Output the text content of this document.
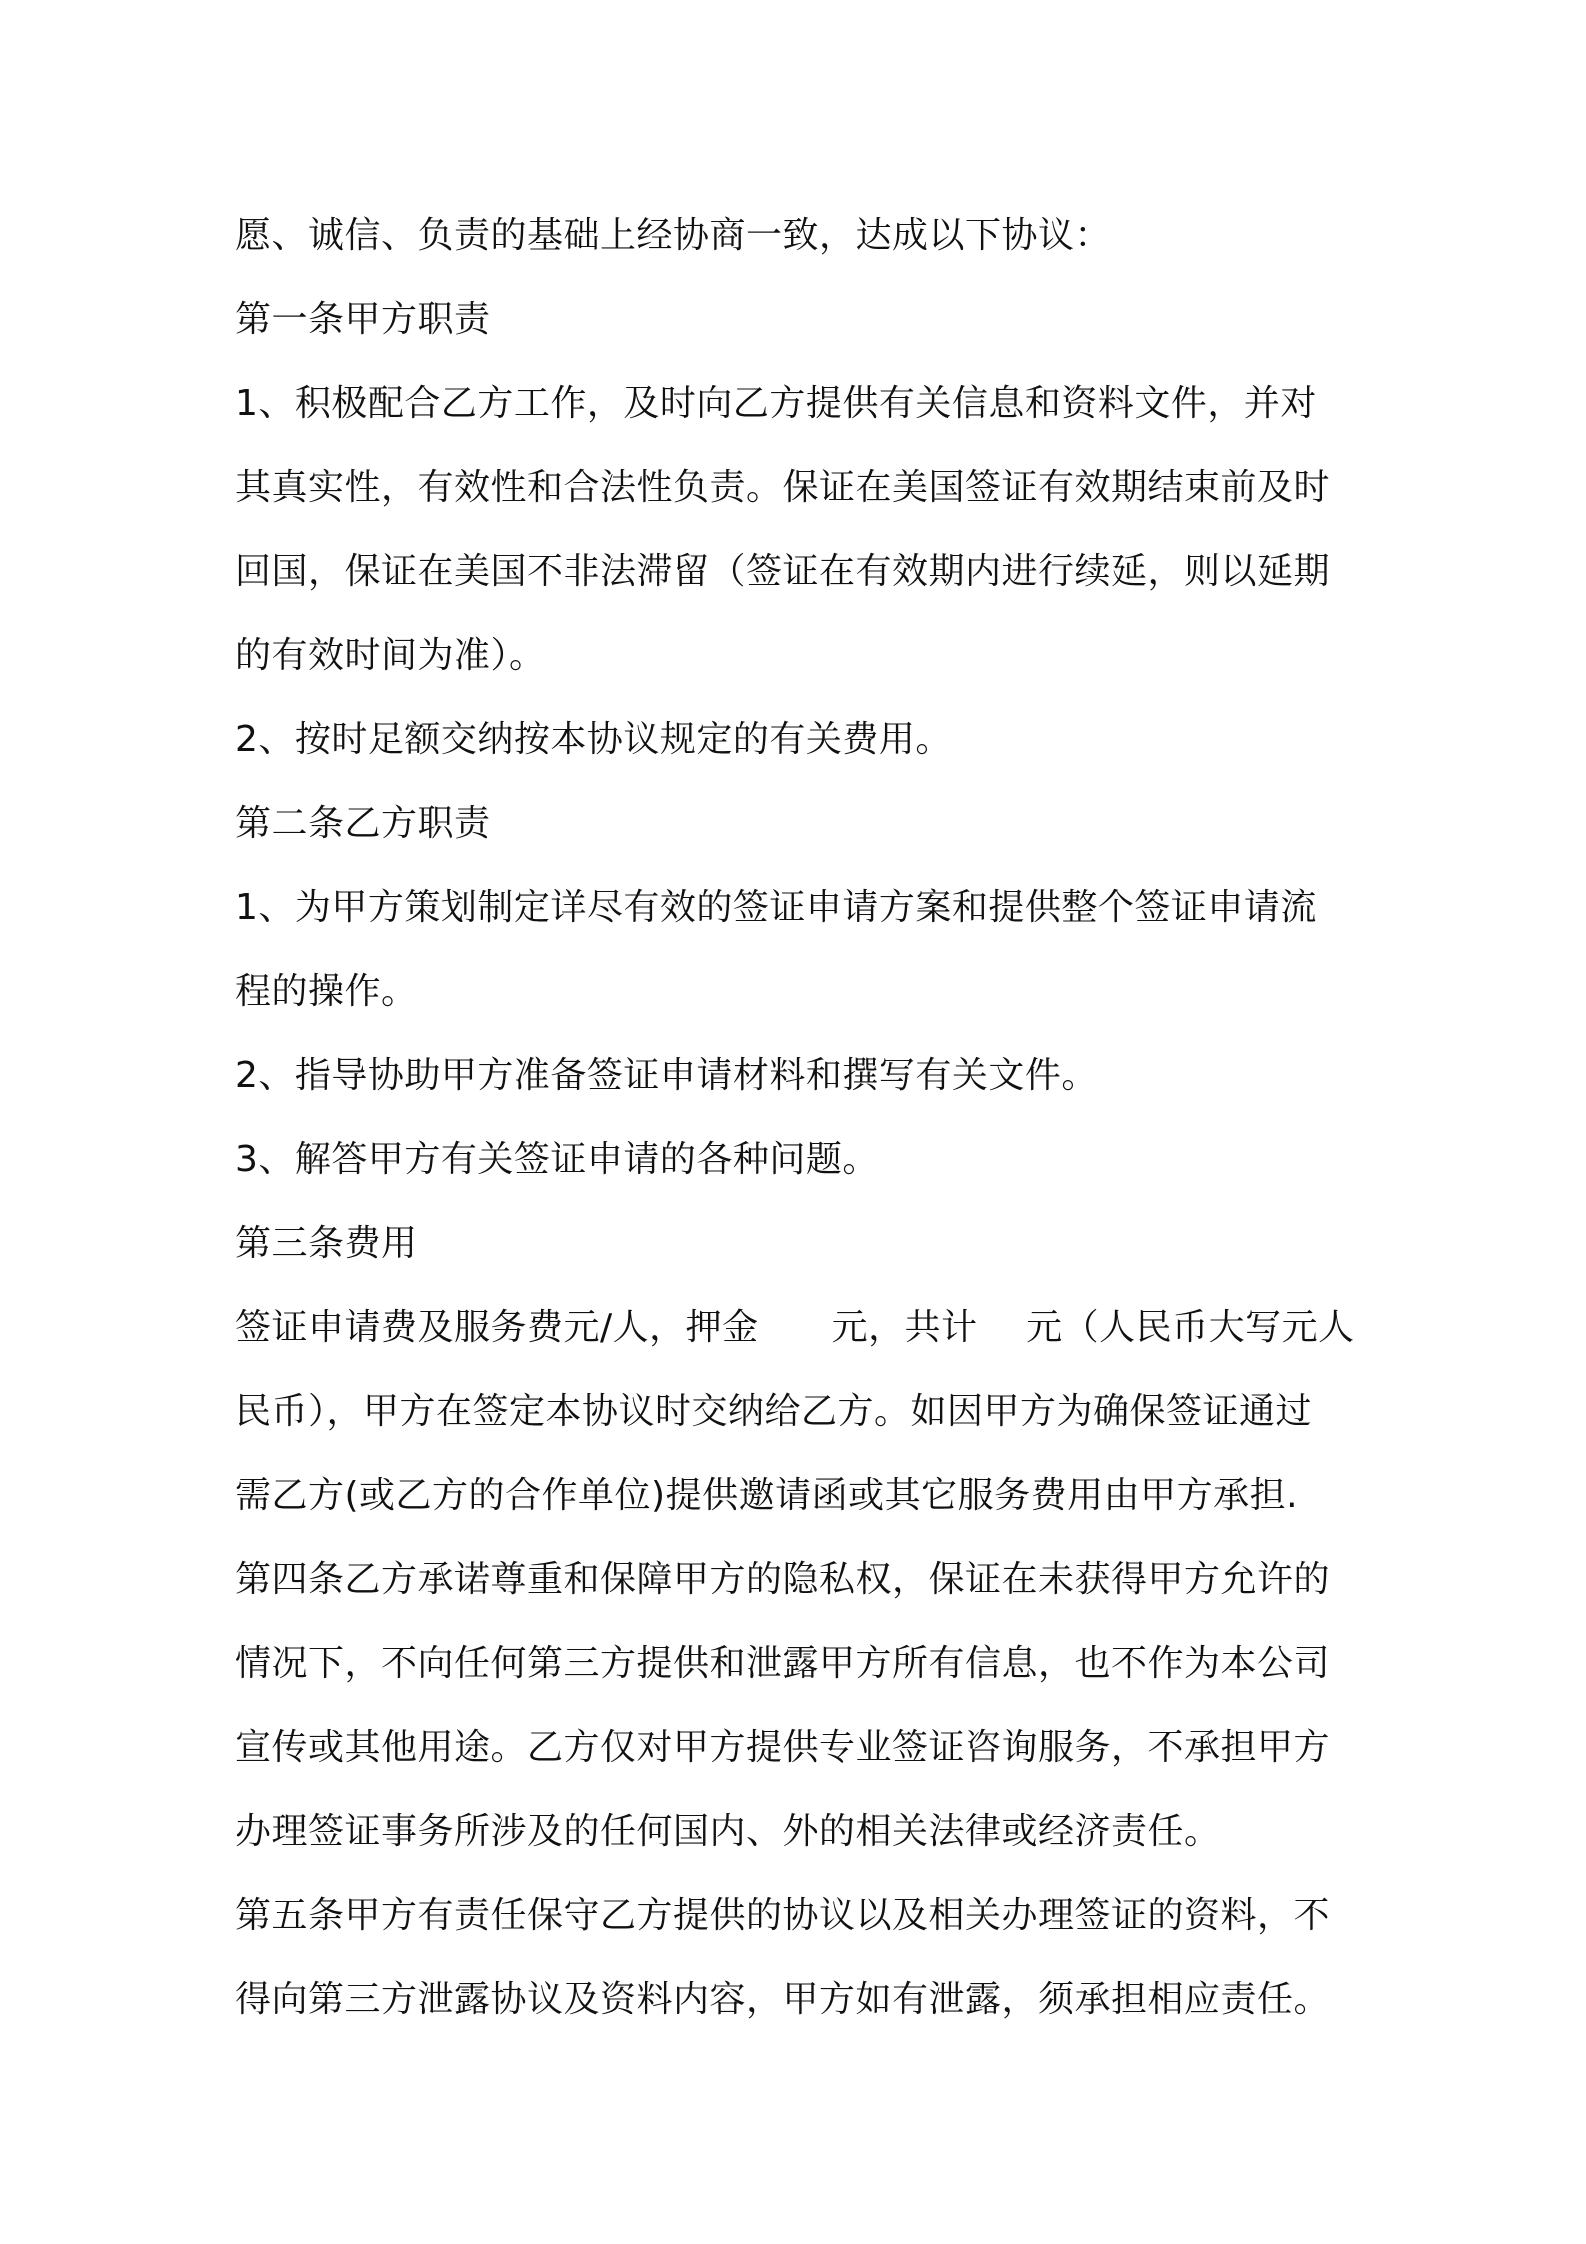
愿、诚信、负责的基础上经协商一致，达成以下协议：
第一条甲方职责
1、积极配合乙方工作，及时向乙方提供有关信息和资料文件，并对
其真实性，有效性和合法性负责。保证在美国签证有效期结束前及时
回国，保证在美国不非法滞留（签证在有效期内进行续延，则以延期
的有效时间为准）。
2、按时足额交纳按本协议规定的有关费用。
第二条乙方职责
1、为甲方策划制定详尽有效的签证申请方案和提供整个签证申请流
程的操作。
2、指导协助甲方准备签证申请材料和撰写有关文件。
3、解答甲方有关签证申请的各种问题。
第三条费用
签证申请费及服务费元/人，押金　　元，共计　 元（人民币大写元人
民币），甲方在签定本协议时交纳给乙方。如因甲方为确保签证通过
需乙方(或乙方的合作单位)提供邀请函或其它服务费用由甲方承担.
第四条乙方承诺尊重和保障甲方的隐私权，保证在未获得甲方允许的
情况下，不向任何第三方提供和泄露甲方所有信息，也不作为本公司
宣传或其他用途。乙方仅对甲方提供专业签证咨询服务，不承担甲方
办理签证事务所涉及的任何国内、外的相关法律或经济责任。
第五条甲方有责任保守乙方提供的协议以及相关办理签证的资料，不
得向第三方泄露协议及资料内容，甲方如有泄露，须承担相应责任。
